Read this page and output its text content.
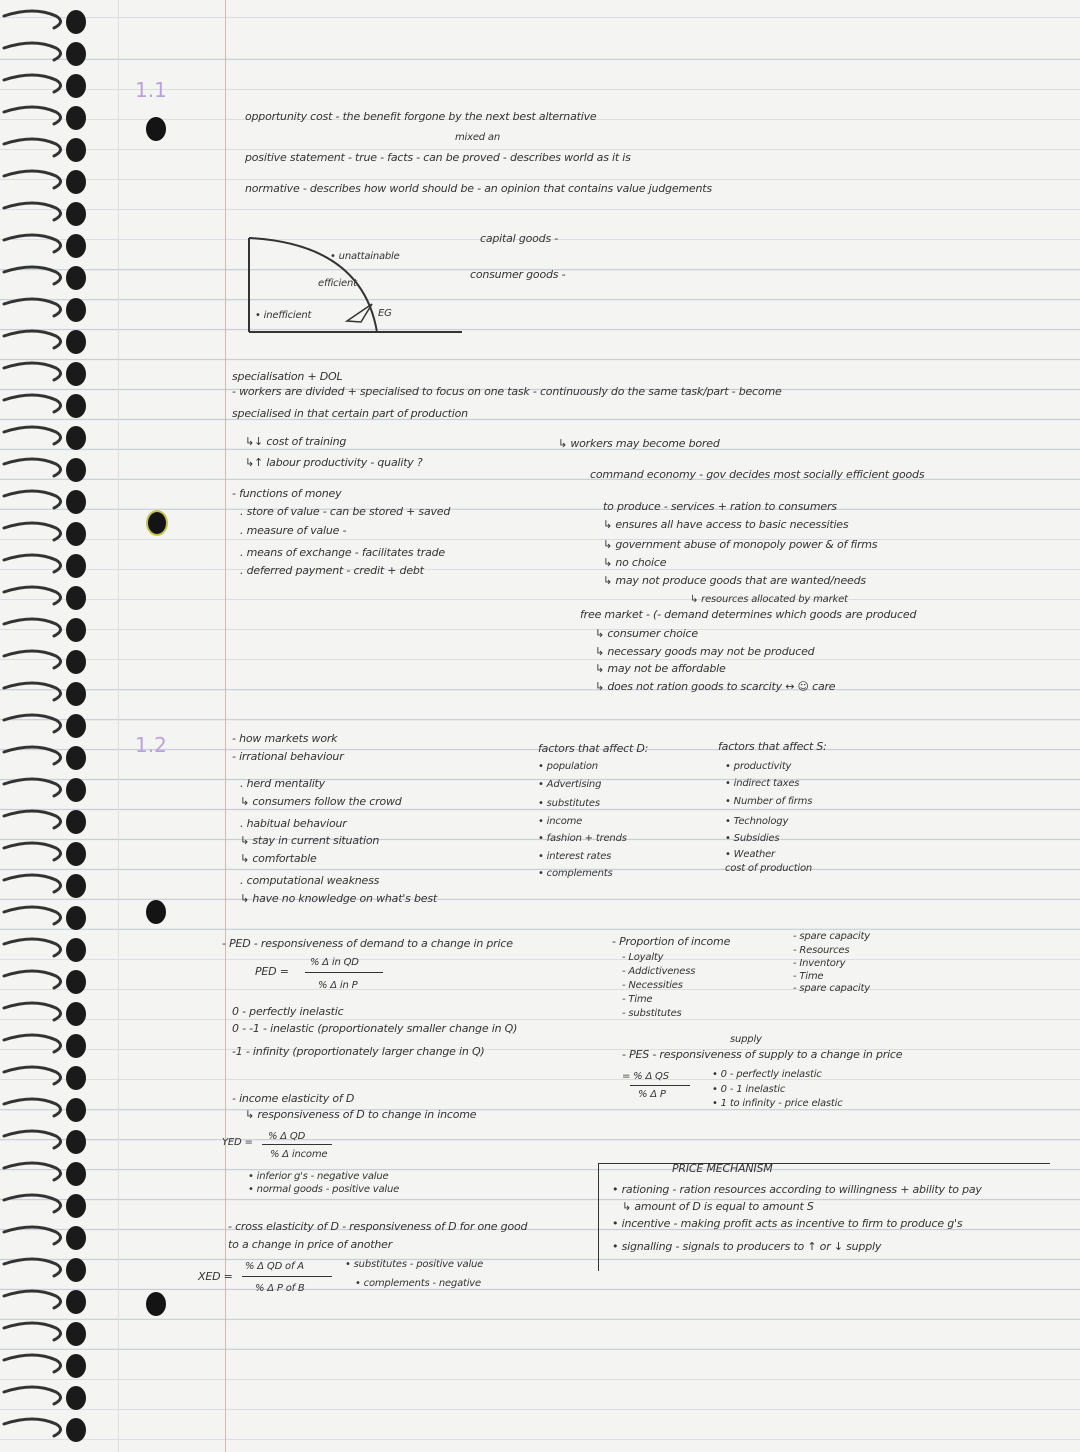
1.1
1.2
opportunity cost - the benefit forgone by the next best alternative
mixed an
positive statement - true - facts - can be proved - describes world as it is
normative - describes how world should be - an opinion that contains value judgements
• unattainable
efficient
• inefficient	EG
capital goods -
consumer goods -
specialisation + DOL
- workers are divided + specialised to focus on one task - continuously do the same task/part - become
specialised in that certain part of production
↳↓ cost of training	↳ workers may become bored
↳↑ labour productivity - quality ?
- functions of money
. store of value - can be stored + saved
. measure of value -
. means of exchange - facilitates trade
. deferred payment - credit + debt
command economy - gov decides most socially efficient goods
to produce - services + ration to consumers
↳ ensures all have access to basic necessities
↳ government abuse of monopoly power & of firms
↳ no choice
↳ may not produce goods that are wanted/needs
↳ resources allocated by market
free market - (- demand determines which goods are produced
↳ consumer choice
↳ necessary goods may not be produced
↳ may not be affordable
↳ does not ration goods to scarcity ↔ ☺ care
- how markets work
- irrational behaviour
. herd mentality
↳ consumers follow the crowd
. habitual behaviour
↳ stay in current situation
↳ comfortable
. computational weakness
↳ have no knowledge on what's best
factors that affect D:
• population
• Advertising
• substitutes
• income
• fashion + trends
• interest rates
• complements
factors that affect S:
• productivity
• indirect taxes
• Number of firms
• Technology
• Subsidies
• Weather
cost of production
- PED - responsiveness of demand to a change in price
PED =
% Δ in QD
% Δ in P
- Proportion of income
- Loyalty
- Addictiveness
- Necessities
- Time
- substitutes
- spare capacity
- Resources
- Inventory
- Time
- spare capacity
0 - perfectly inelastic
0 - -1 - inelastic (proportionately smaller change in Q)
-1 - infinity (proportionately larger change in Q)
supply
- PES - responsiveness of supply to a change in price
= % Δ QS
% Δ P
• 0 - perfectly inelastic
• 0 - 1 inelastic
• 1 to infinity - price elastic
- income elasticity of D
↳ responsiveness of D to change in income
YED =
% Δ QD
% Δ income
• inferior g's - negative value
• normal goods - positive value
PRICE MECHANISM
• rationing - ration resources according to willingness + ability to pay
↳ amount of D is equal to amount S
• incentive - making profit acts as incentive to firm to produce g's
• signalling - signals to producers to ↑ or ↓ supply
- cross elasticity of D - responsiveness of D for one good
to a change in price of another
XED =
% Δ QD of A
% Δ P of B
• substitutes - positive value
• complements - negative
